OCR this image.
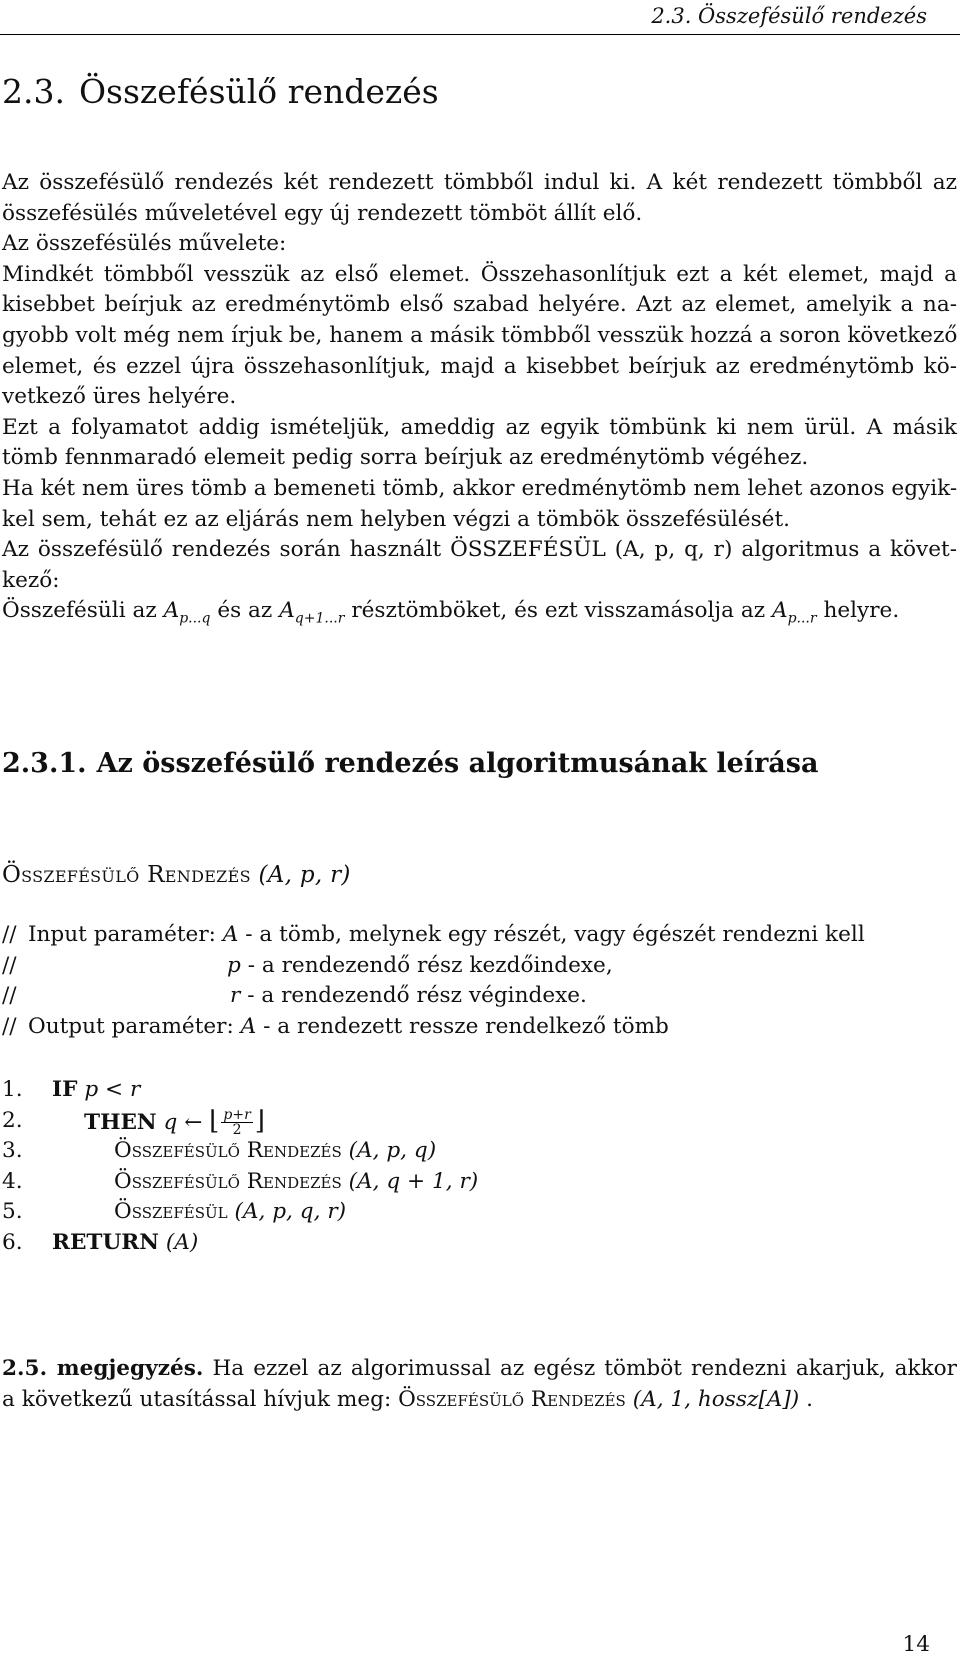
2.3. Összefésülő rendezés
2.3. Összefésülő rendezés
Az összefésülő rendezés két rendezett tömbből indul ki. A két rendezett tömbből az
összefésülés műveletével egy új rendezett tömböt állít elő.
Az összefésülés művelete:
Mindkét tömbből vesszük az első elemet. Összehasonlítjuk ezt a két elemet, majd a
kisebbet beírjuk az eredménytömb első szabad helyére. Azt az elemet, amelyik a na-
gyobb volt még nem írjuk be, hanem a másik tömbből vesszük hozzá a soron következő
elemet, és ezzel újra összehasonlítjuk, majd a kisebbet beírjuk az eredménytömb kö-
vetkező üres helyére.
Ezt a folyamatot addig ismételjük, ameddig az egyik tömbünk ki nem ürül. A másik
tömb fennmaradó elemeit pedig sorra beírjuk az eredménytömb végéhez.
Ha két nem üres tömb a bemeneti tömb, akkor eredménytömb nem lehet azonos egyik-
kel sem, tehát ez az eljárás nem helyben végzi a tömbök összefésülését.
Az összefésülő rendezés során használt ÖSSZEFÉSÜL (A, p, q, r) algoritmus a követ-
kező:
Összefésüli az $A_{p...q}$ és az $A_{q+1...r}$ résztömböket, és ezt visszamásolja az $A_{p...r}$ helyre.
2.3.1. Az összefésülő rendezés algoritmusának leírása
Összefésülő Rendezés (A, p, r)
// Input paraméter: A - a tömb, melynek egy részét, vagy égészét rendezni kell
//	p - a rendezendő rész kezdőindexe,
//	r - a rendezendő rész végindexe.
// Output paraméter: A - a rendezett ressze rendelkező tömb
1. IF p < r
2.	THEN q ← ⌊ $\frac{p+r}{2}$ ⌋
3.	Összefésülő Rendezés (A, p, q)
4.	Összefésülő Rendezés (A, q + 1, r)
5.	Összefésül (A, p, q, r)
6. RETURN (A)
2.5. megjegyzés. Ha ezzel az algorimussal az egész tömböt rendezni akarjuk, akkor
a következű utasítással hívjuk meg: Összefésülő Rendezés (A, 1, hossz[A]) .
14
